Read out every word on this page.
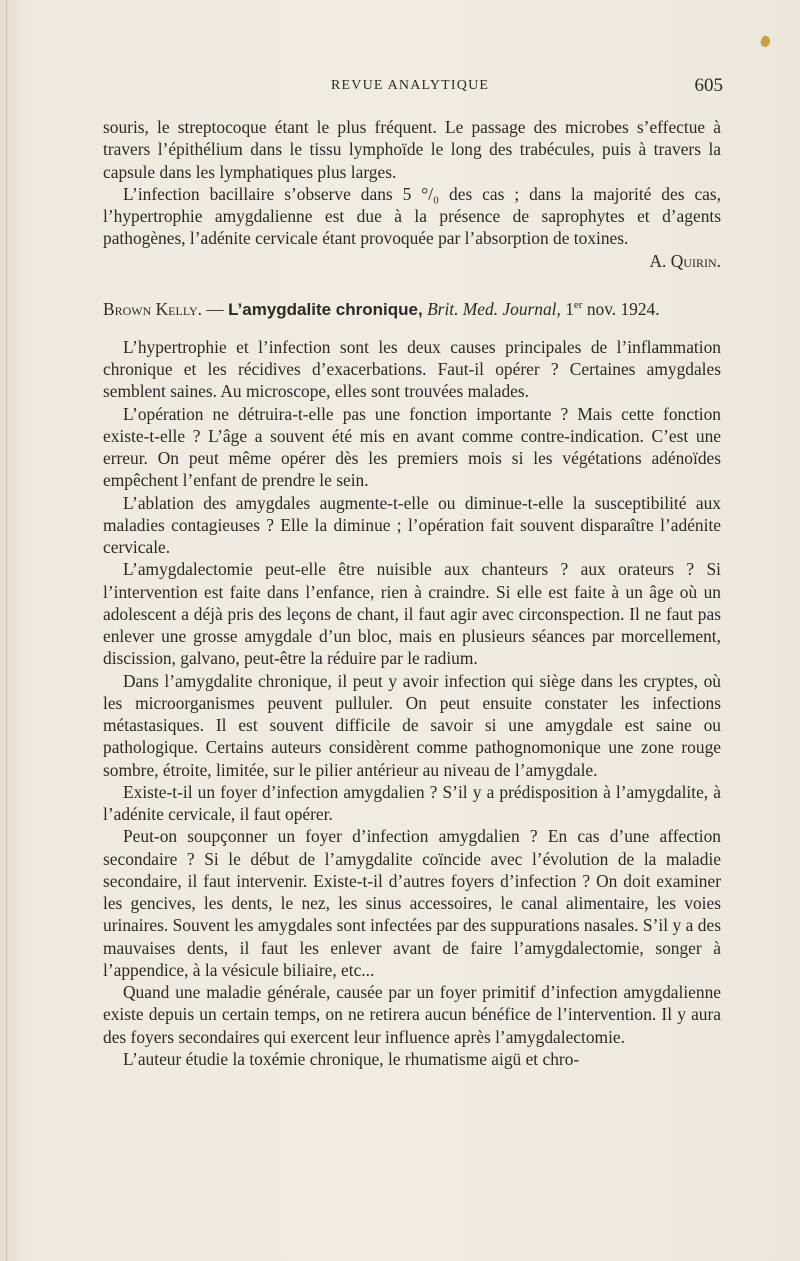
REVUE ANALYTIQUE	605

souris, le streptocoque étant le plus fréquent. Le passage des microbes s’effectue à travers l’épithélium dans le tissu lymphoïde le long des trabécules, puis à travers la capsule dans les lymphatiques plus larges.

L’infection bacillaire s’observe dans 5 °/₀ des cas ; dans la majorité des cas, l’hypertrophie amygdalienne est due à la présence de saprophytes et d’agents pathogènes, l’adénite cervicale étant provoquée par l’absorption de toxines.

A. Quirin.

Brown Kelly. — L’amygdalite chronique, Brit. Med. Journal, 1er nov. 1924.

L’hypertrophie et l’infection sont les deux causes principales de l’inflammation chronique et les récidives d’exacerbations. Faut-il opérer ? Certaines amygdales semblent saines. Au microscope, elles sont trouvées malades.

L’opération ne détruira-t-elle pas une fonction importante ? Mais cette fonction existe-t-elle ? L’âge a souvent été mis en avant comme contre-indication. C’est une erreur. On peut même opérer dès les premiers mois si les végétations adénoïdes empêchent l’enfant de prendre le sein.

L’ablation des amygdales augmente-t-elle ou diminue-t-elle la susceptibilité aux maladies contagieuses ? Elle la diminue ; l’opération fait souvent disparaître l’adénite cervicale.

L’amygdalectomie peut-elle être nuisible aux chanteurs ? aux orateurs ? Si l’intervention est faite dans l’enfance, rien à craindre. Si elle est faite à un âge où un adolescent a déjà pris des leçons de chant, il faut agir avec circonspection. Il ne faut pas enlever une grosse amygdale d’un bloc, mais en plusieurs séances par morcellement, discission, galvano, peut-être la réduire par le radium.

Dans l’amygdalite chronique, il peut y avoir infection qui siège dans les cryptes, où les microorganismes peuvent pulluler. On peut ensuite constater les infections métastasiques. Il est souvent difficile de savoir si une amygdale est saine ou pathologique. Certains auteurs considèrent comme pathognomonique une zone rouge sombre, étroite, limitée, sur le pilier antérieur au niveau de l’amygdale.

Existe-t-il un foyer d’infection amygdalien ? S’il y a prédisposition à l’amygdalite, à l’adénite cervicale, il faut opérer.

Peut-on soupçonner un foyer d’infection amygdalien ? En cas d’une affection secondaire ? Si le début de l’amygdalite coïncide avec l’évolution de la maladie secondaire, il faut intervenir. Existe-t-il d’autres foyers d’infection ? On doit examiner les gencives, les dents, le nez, les sinus accessoires, le canal alimentaire, les voies urinaires. Souvent les amygdales sont infectées par des suppurations nasales. S’il y a des mauvaises dents, il faut les enlever avant de faire l’amygdalectomie, songer à l’appendice, à la vésicule biliaire, etc...

Quand une maladie générale, causée par un foyer primitif d’infection amygdalienne existe depuis un certain temps, on ne retirera aucun bénéfice de l’intervention. Il y aura des foyers secondaires qui exercent leur influence après l’amygdalectomie.

L’auteur étudie la toxémie chronique, le rhumatisme aigü et chro-
